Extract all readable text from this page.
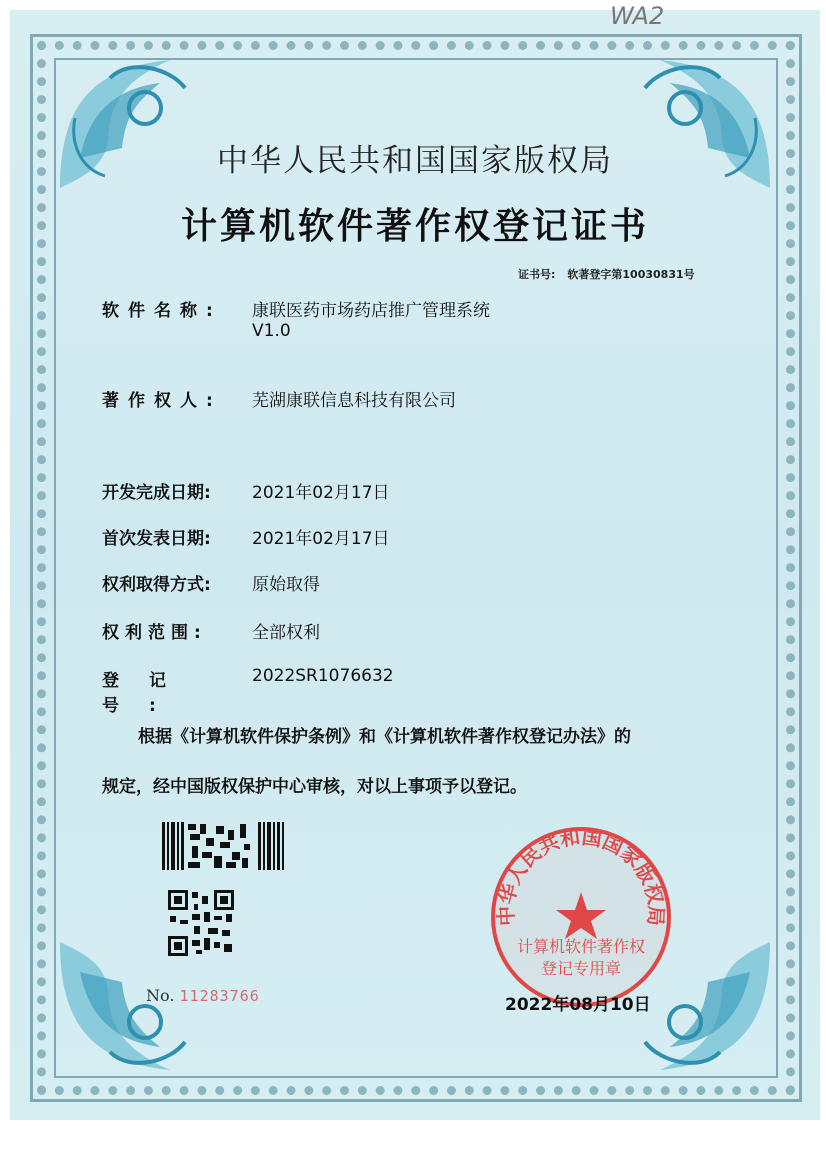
WA2
中华人民共和国国家版权局
计算机软件著作权登记证书
证书号: 软著登字第10030831号
软件名称: 康联医药市场药店推广管理系统
V1.0
著作权人: 芜湖康联信息科技有限公司
开发完成日期: 2021年02月17日
首次发表日期: 2021年02月17日
权利取得方式: 原始取得
权利范围:	全部权利
登记号:2022SR1076632
根据《计算机软件保护条例》和《计算机软件著作权登记办法》的
规定，经中国版权保护中心审核，对以上事项予以登记。
No. 11283766
中华人民共和国国家版权局
计算机软件著作权
登记专用章
2022年08月10日
